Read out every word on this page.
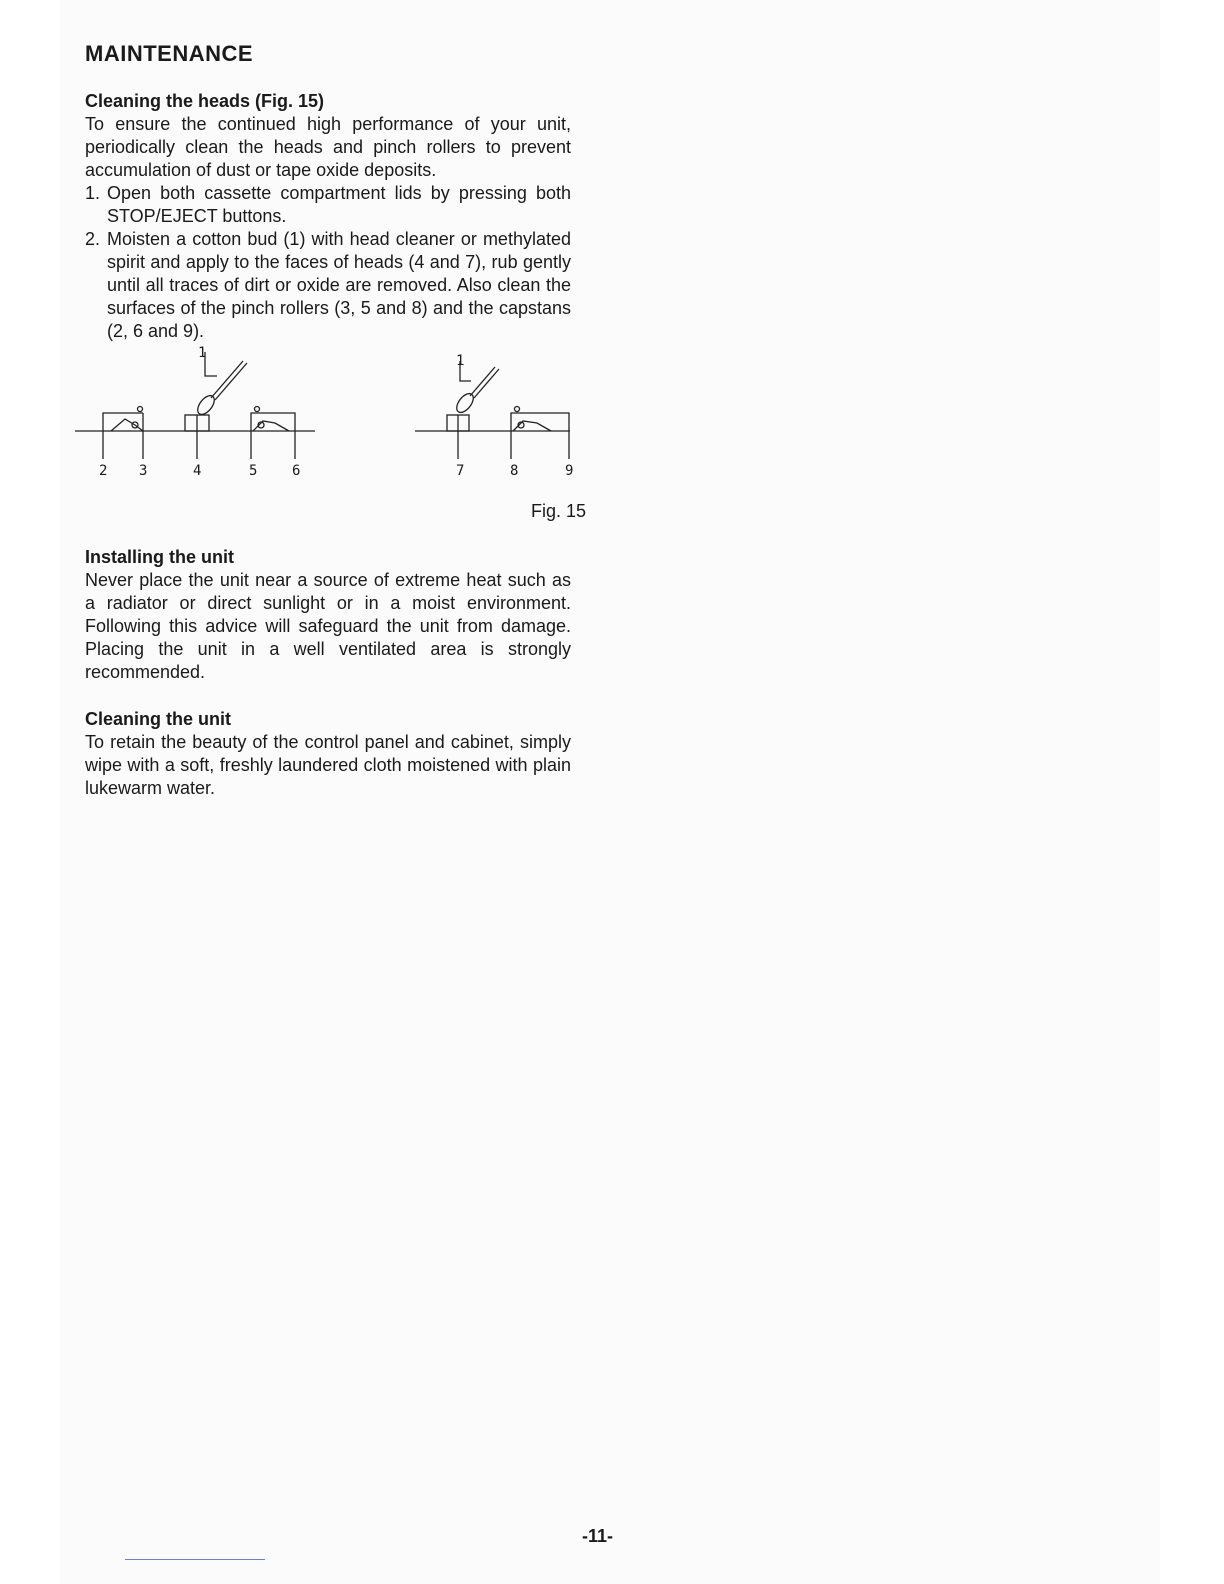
MAINTENANCE
Cleaning the heads (Fig. 15)

To ensure the continued high performance of your unit, periodically clean the heads and pinch rollers to prevent accumulation of dust or tape oxide deposits.

1. Open both cassette compartment lids by pressing both STOP/EJECT buttons.
2. Moisten a cotton bud (1) with head cleaner or methylated spirit and apply to the faces of heads (4 and 7), rub gently until all traces of dirt or oxide are removed. Also clean the surfaces of the pinch rollers (3, 5 and 8) and the capstans (2, 6 and 9).
1
2 3	4	5 6
1
7	8	9
Fig. 15
Installing the unit

Never place the unit near a source of extreme heat such as a radiator or direct sunlight or in a moist environment. Following this advice will safeguard the unit from damage. Placing the unit in a well ventilated area is strongly recommended.

Cleaning the unit

To retain the beauty of the control panel and cabinet, simply wipe with a soft, freshly laundered cloth moistened with plain lukewarm water.

-11-
